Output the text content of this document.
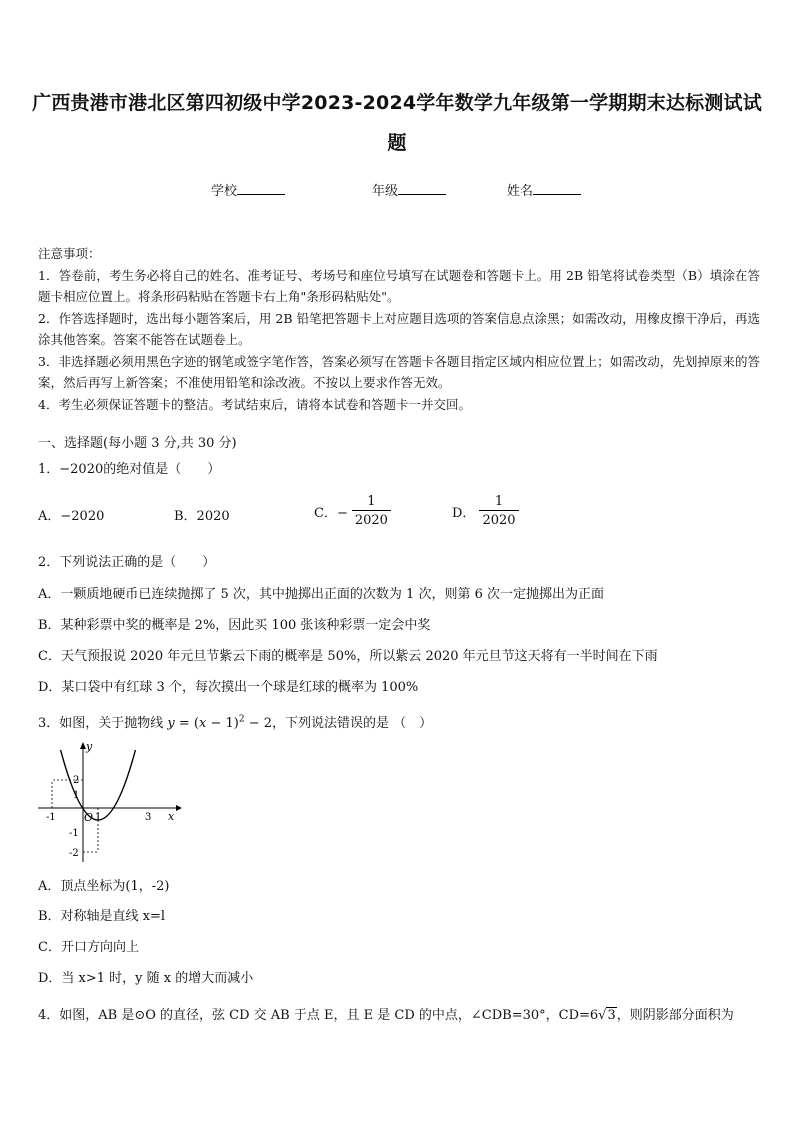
广西贵港市港北区第四初级中学2023-2024学年数学九年级第一学期期末达标测试试
题
学校	年级	姓名
注意事项：
1．答卷前，考生务必将自己的姓名、准考证号、考场号和座位号填写在试题卷和答题卡上。用 2B 铅笔将试卷类型（B）填涂在答题卡相应位置上。将条形码粘贴在答题卡右上角"条形码粘贴处"。
2．作答选择题时，选出每小题答案后，用 2B 铅笔把答题卡上对应题目选项的答案信息点涂黑；如需改动，用橡皮擦干净后，再选涂其他答案。答案不能答在试题卷上。
3．非选择题必须用黑色字迹的钢笔或签字笔作答，答案必须写在答题卡各题目指定区域内相应位置上；如需改动，先划掉原来的答案，然后再写上新答案；不准使用铅笔和涂改液。不按以上要求作答无效。
4．考生必须保证答题卡的整洁。考试结束后，请将本试卷和答题卡一并交回。
一、选择题(每小题 3 分,共 30 分)
1．−2020的绝对值是（　　）
A．−2020	B．2020	C．− $\frac{1}{2020}$	D． $\frac{1}{2020}$
2．下列说法正确的是（　　）
A．一颗质地硬币已连续抛掷了 5 次，其中抛掷出正面的次数为 1 次，则第 6 次一定抛掷出为正面
B．某种彩票中奖的概率是 2%，因此买 100 张该种彩票一定会中奖
C．天气预报说 2020 年元旦节紫云下雨的概率是 50%，所以紫云 2020 年元旦节这天将有一半时间在下雨
D．某口袋中有红球 3 个，每次摸出一个球是红球的概率为 100%
3．如图，关于抛物线 $y = (x - 1)^2 - 2$，下列说法错误的是 （　）
y
x
O
-1	1	3
2
1
-1
-2
A．顶点坐标为(1，-2)
B．对称轴是直线 x=l
C．开口方向向上
D．当 x>1 时，y 随 x 的增大而减小
4．如图，AB 是⊙O 的直径，弦 CD 交 AB 于点 E，且 E 是 CD 的中点，∠CDB=30°，CD=6√3，则阴影部分面积为
